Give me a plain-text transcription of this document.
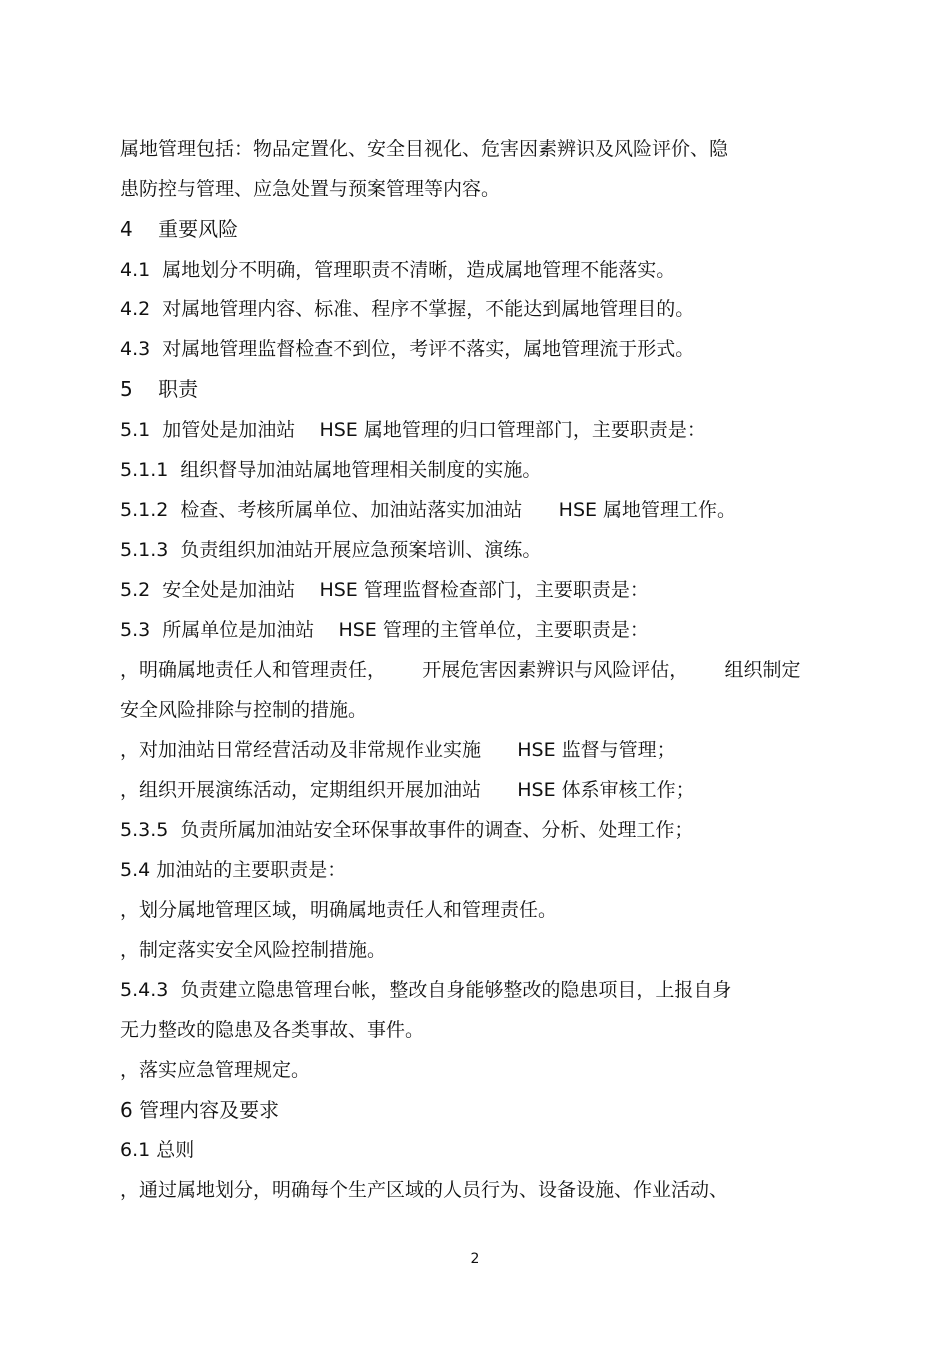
属地管理包括：物品定置化、安全目视化、危害因素辨识及风险评价、隐
患防控与管理、应急处置与预案管理等内容。
4    重要风险
4.1  属地划分不明确，管理职责不清晰，造成属地管理不能落实。
4.2  对属地管理内容、标准、程序不掌握，不能达到属地管理目的。
4.3  对属地管理监督检查不到位，考评不落实，属地管理流于形式。
5    职责
5.1  加管处是加油站    HSE 属地管理的归口管理部门，主要职责是：
5.1.1  组织督导加油站属地管理相关制度的实施。
5.1.2  检查、考核所属单位、加油站落实加油站      HSE 属地管理工作。
5.1.3  负责组织加油站开展应急预案培训、演练。
5.2  安全处是加油站    HSE 管理监督检查部门，主要职责是：
5.3  所属单位是加油站    HSE 管理的主管单位，主要职责是：
，明确属地责任人和管理责任，      开展危害因素辨识与风险评估，      组织制定
安全风险排除与控制的措施。
，对加油站日常经营活动及非常规作业实施      HSE 监督与管理；
，组织开展演练活动，定期组织开展加油站      HSE 体系审核工作；
5.3.5  负责所属加油站安全环保事故事件的调查、分析、处理工作；
5.4 加油站的主要职责是：
，划分属地管理区域，明确属地责任人和管理责任。
，制定落实安全风险控制措施。
5.4.3  负责建立隐患管理台帐，整改自身能够整改的隐患项目，上报自身
无力整改的隐患及各类事故、事件。
，落实应急管理规定。
6 管理内容及要求
6.1 总则
，通过属地划分，明确每个生产区域的人员行为、设备设施、作业活动、
2
